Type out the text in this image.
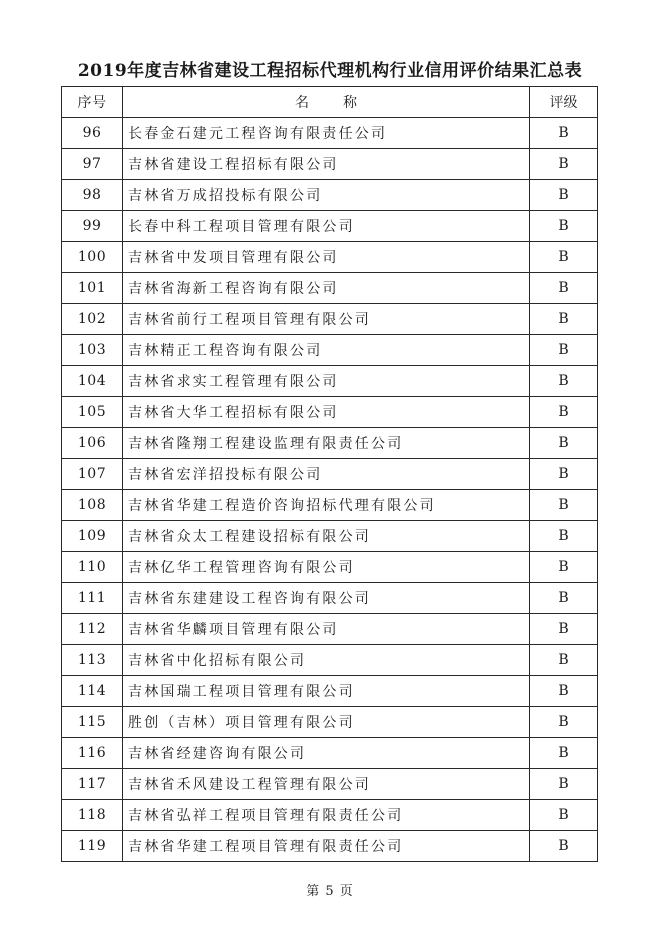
2019年度吉林省建设工程招标代理机构行业信用评价结果汇总表
序号	名 称	评级
96	长春金石建元工程咨询有限责任公司	B
97	吉林省建设工程招标有限公司	B
98	吉林省万成招投标有限公司	B
99	长春中科工程项目管理有限公司	B
100	吉林省中发项目管理有限公司	B
101	吉林省海新工程咨询有限公司	B
102	吉林省前行工程项目管理有限公司	B
103	吉林精正工程咨询有限公司	B
104	吉林省求实工程管理有限公司	B
105	吉林省大华工程招标有限公司	B
106	吉林省隆翔工程建设监理有限责任公司	B
107	吉林省宏洋招投标有限公司	B
108	吉林省华建工程造价咨询招标代理有限公司	B
109	吉林省众太工程建设招标有限公司	B
110	吉林亿华工程管理咨询有限公司	B
111	吉林省东建建设工程咨询有限公司	B
112	吉林省华麟项目管理有限公司	B
113	吉林省中化招标有限公司	B
114	吉林国瑞工程项目管理有限公司	B
115	胜创（吉林）项目管理有限公司	B
116	吉林省经建咨询有限公司	B
117	吉林省禾风建设工程管理有限公司	B
118	吉林省弘祥工程项目管理有限责任公司	B
119	吉林省华建工程项目管理有限责任公司	B
第 5 页
